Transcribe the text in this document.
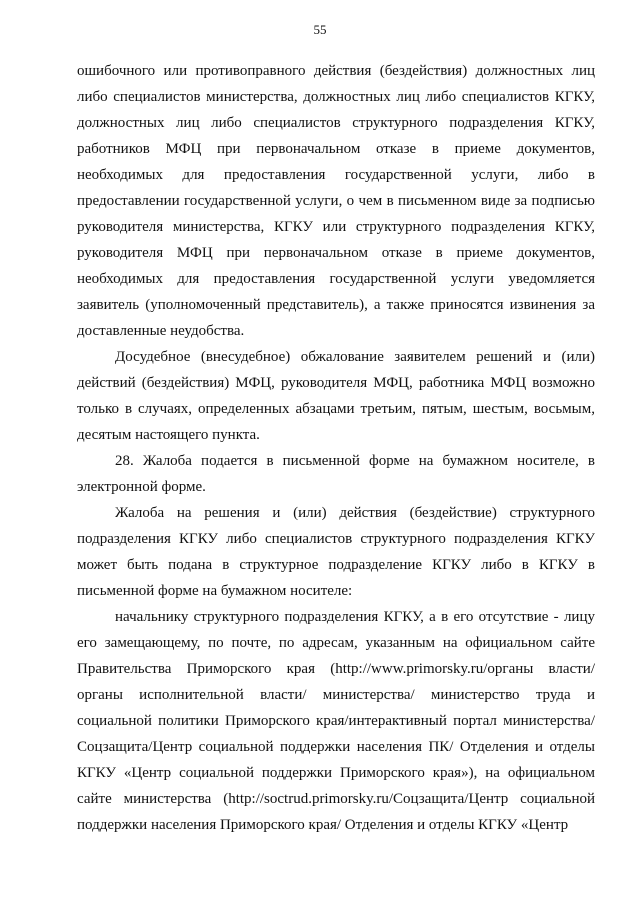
55

ошибочного или противоправного действия (бездействия) должностных лиц либо специалистов министерства, должностных лиц либо специалистов КГКУ, должностных лиц либо специалистов структурного подразделения КГКУ, работников МФЦ при первоначальном отказе в приеме документов, необходимых для предоставления государственной услуги, либо в предоставлении государственной услуги, о чем в письменном виде за подписью руководителя министерства, КГКУ или структурного подразделения КГКУ, руководителя МФЦ при первоначальном отказе в приеме документов, необходимых для предоставления государственной услуги уведомляется заявитель (уполномоченный представитель), а также приносятся извинения за доставленные неудобства.

Досудебное (внесудебное) обжалование заявителем решений и (или) действий (бездействия) МФЦ, руководителя МФЦ, работника МФЦ возможно только в случаях, определенных абзацами третьим, пятым, шестым, восьмым, десятым настоящего пункта.

28. Жалоба подается в письменной форме на бумажном носителе, в электронной форме.

Жалоба на решения и (или) действия (бездействие) структурного подразделения КГКУ либо специалистов структурного подразделения КГКУ может быть подана в структурное подразделение КГКУ либо в КГКУ в письменной форме на бумажном носителе:

начальнику структурного подразделения КГКУ, а в его отсутствие - лицу его замещающему, по почте, по адресам, указанным на официальном сайте Правительства Приморского края (http://www.primorsky.ru/органы власти/ органы исполнительной власти/ министерства/ министерство труда и социальной политики Приморского края/интерактивный портал министерства/ Соцзащита/Центр социальной поддержки населения ПК/ Отделения и отделы КГКУ «Центр социальной поддержки Приморского края»), на официальном сайте министерства (http://soctrud.primorsky.ru/Соцзащита/Центр социальной поддержки населения Приморского края/ Отделения и отделы КГКУ «Центр
